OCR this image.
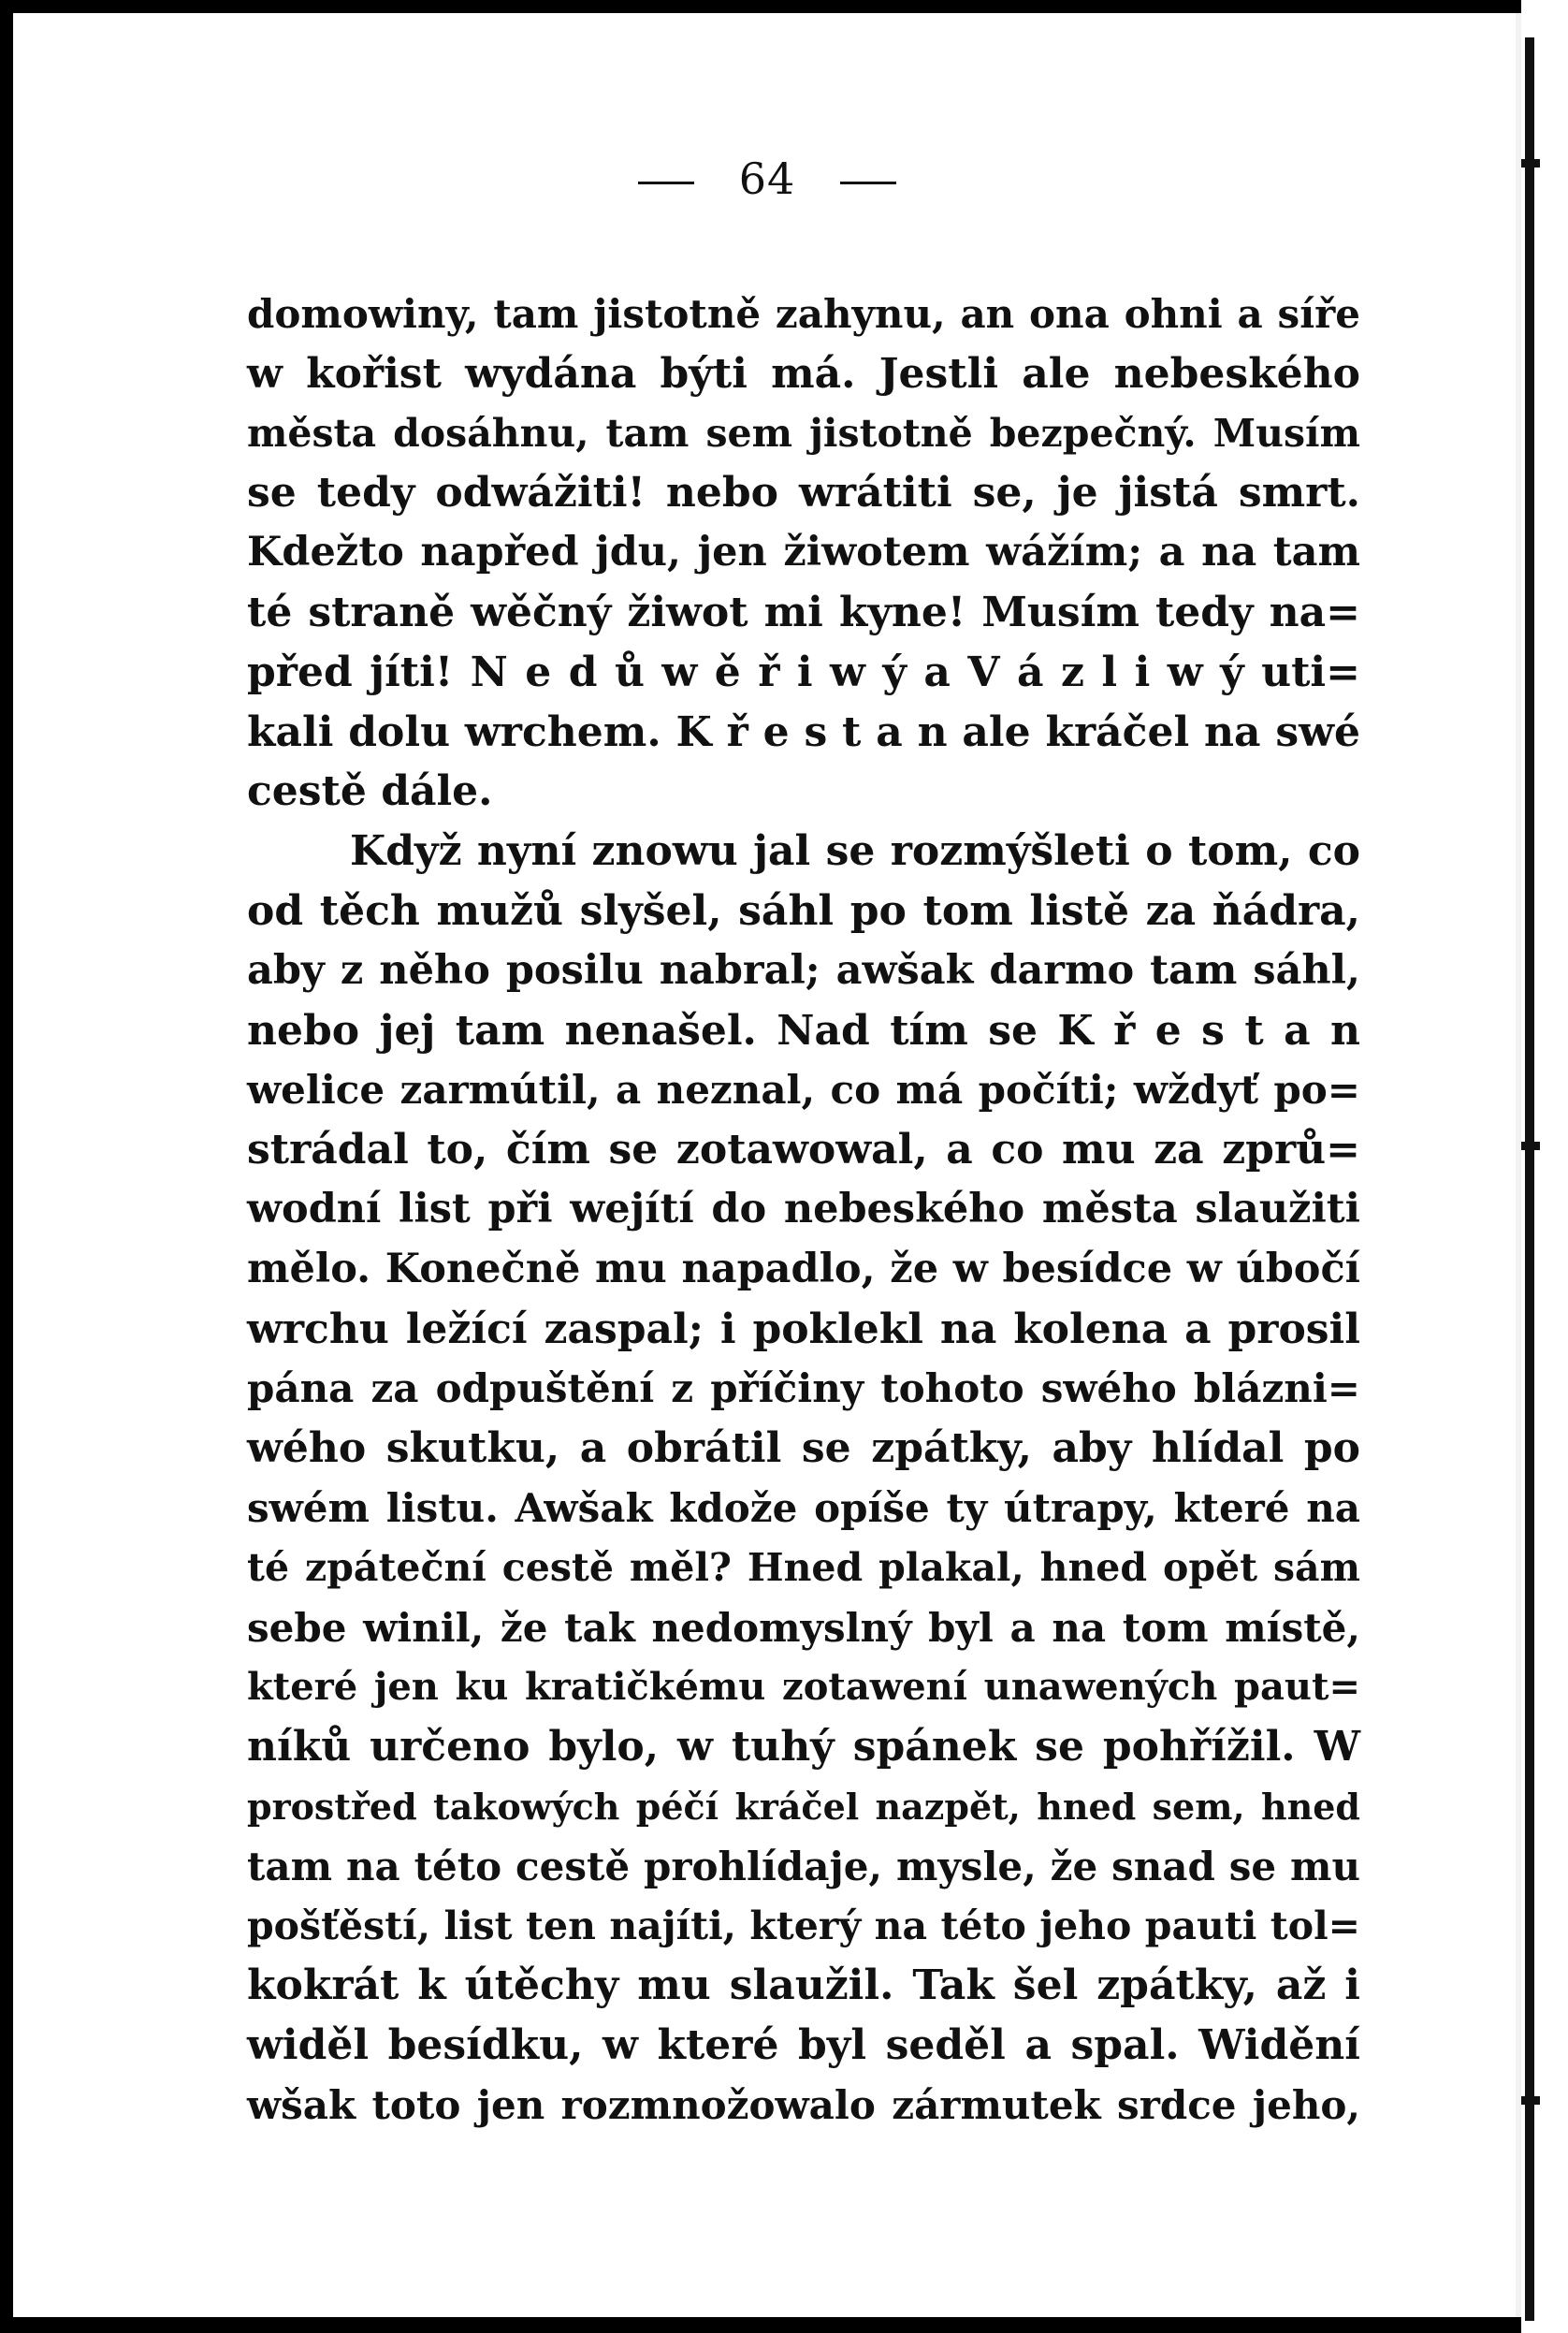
64
domowiny, tam jistotně zahynu, an ona ohni a síře
w kořist wydána býti má. Jestli ale nebeského
města dosáhnu, tam sem jistotně bezpečný. Musím
se tedy odwážiti! nebo wrátiti se, je jistá smrt.
Kdežto napřed jdu, jen žiwotem wážím; a na tam
té straně wěčný žiwot mi kyne! Musím tedy na=
před jíti! N e d ů w ě ř i w ý a V á z l i w ý uti=
kali dolu wrchem. K ř e s t a n ale kráčel na swé
cestě dále.
Když nyní znowu jal se rozmýšleti o tom, co
od těch mužů slyšel, sáhl po tom listě za ňádra,
aby z něho posilu nabral; awšak darmo tam sáhl,
nebo jej tam nenašel. Nad tím se K ř e s t a n
welice zarmútil, a neznal, co má počíti; wždyť po=
strádal to, čím se zotawowal, a co mu za zprů=
wodní list při wejítí do nebeského města slaužiti
mělo. Konečně mu napadlo, že w besídce w úbočí
wrchu ležící zaspal; i poklekl na kolena a prosil
pána za odpuštění z příčiny tohoto swého blázni=
wého skutku, a obrátil se zpátky, aby hlídal po
swém listu. Awšak kdože opíše ty útrapy, které na
té zpáteční cestě měl? Hned plakal, hned opět sám
sebe winil, že tak nedomyslný byl a na tom místě,
které jen ku kratičkému zotawení unawených paut=
níků určeno bylo, w tuhý spánek se pohřížil. W
prostřed takowých péčí kráčel nazpět, hned sem, hned
tam na této cestě prohlídaje, mysle, že snad se mu
pošťěstí, list ten najíti, který na této jeho pauti tol=
kokrát k útěchy mu slaužil. Tak šel zpátky, až i
widěl besídku, w které byl seděl a spal. Widění
wšak toto jen rozmnožowalo zármutek srdce jeho,
